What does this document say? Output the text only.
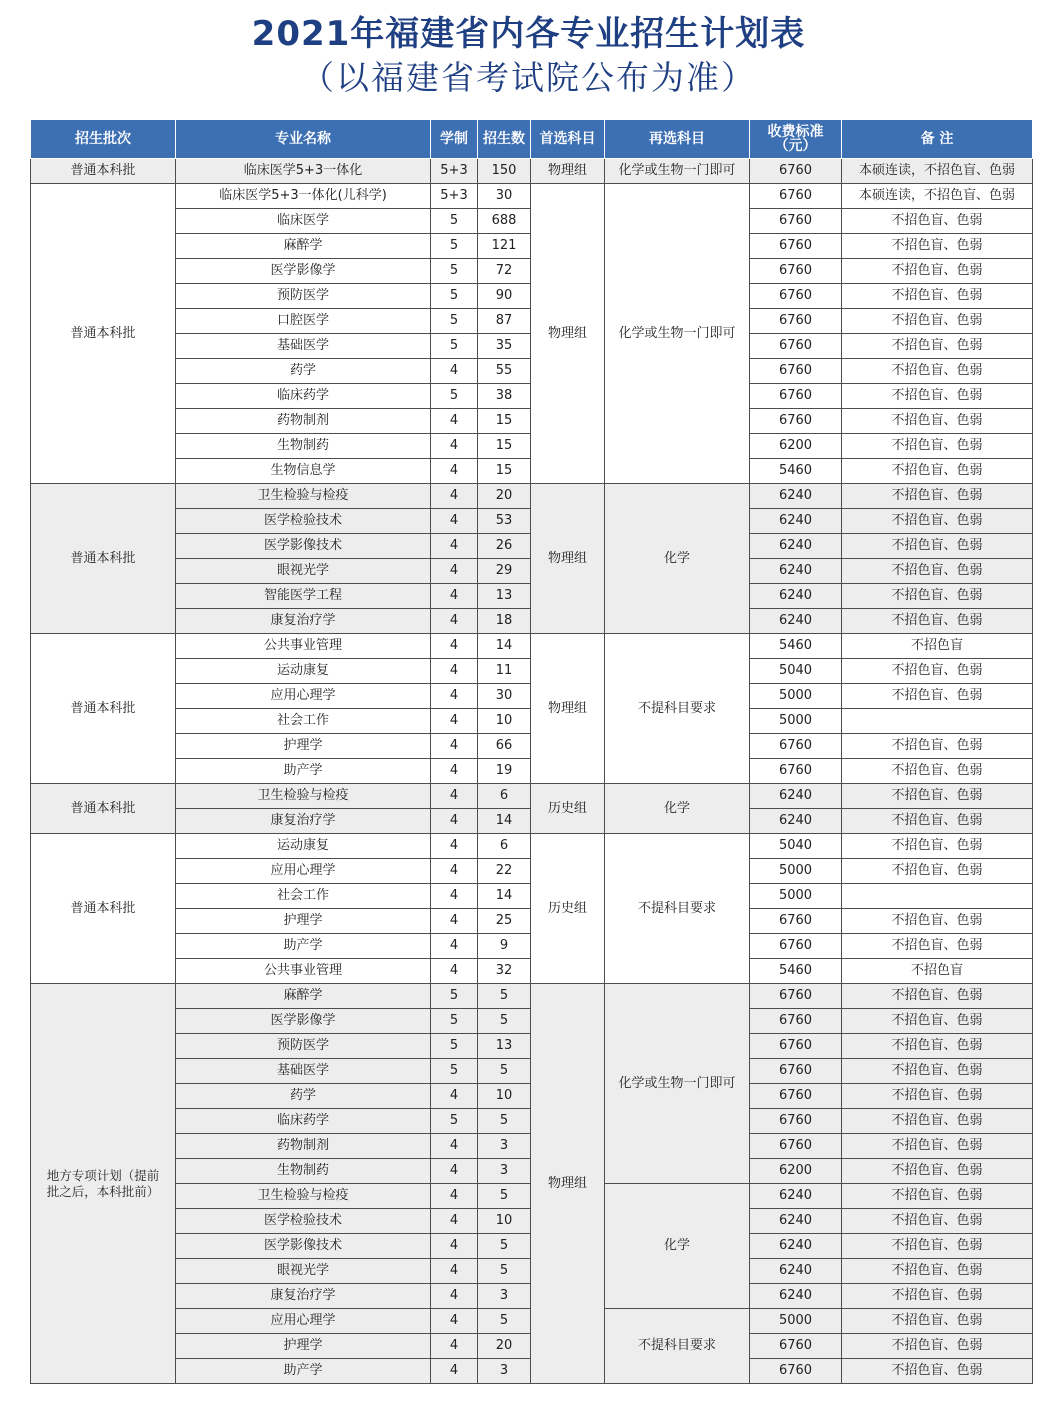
2021年福建省内各专业招生计划表
（以福建省考试院公布为准）
招生批次	专业名称	学制	招生数	首选科目	再选科目	收费标准（元）	备 注
普通本科批	临床医学5+3一体化	5+3	150	物理组	化学或生物一门即可	6760	本硕连读，不招色盲、色弱
普通本科批	临床医学5+3一体化(儿科学)	5+3	30	物理组	化学或生物一门即可	6760	本硕连读，不招色盲、色弱
	临床医学	5	688			6760	不招色盲、色弱
	麻醉学	5	121			6760	不招色盲、色弱
	医学影像学	5	72			6760	不招色盲、色弱
	预防医学	5	90			6760	不招色盲、色弱
	口腔医学	5	87			6760	不招色盲、色弱
	基础医学	5	35			6760	不招色盲、色弱
	药学	4	55			6760	不招色盲、色弱
	临床药学	5	38			6760	不招色盲、色弱
	药物制剂	4	15			6760	不招色盲、色弱
	生物制药	4	15			6200	不招色盲、色弱
	生物信息学	4	15			5460	不招色盲、色弱
普通本科批	卫生检验与检疫	4	20	物理组	化学	6240	不招色盲、色弱
	医学检验技术	4	53			6240	不招色盲、色弱
	医学影像技术	4	26			6240	不招色盲、色弱
	眼视光学	4	29			6240	不招色盲、色弱
	智能医学工程	4	13			6240	不招色盲、色弱
	康复治疗学	4	18			6240	不招色盲、色弱
普通本科批	公共事业管理	4	14	物理组	不提科目要求	5460	不招色盲
	运动康复	4	11			5040	不招色盲、色弱
	应用心理学	4	30			5000	不招色盲、色弱
	社会工作	4	10			5000	
	护理学	4	66			6760	不招色盲、色弱
	助产学	4	19			6760	不招色盲、色弱
普通本科批	卫生检验与检疫	4	6	历史组	化学	6240	不招色盲、色弱
	康复治疗学	4	14			6240	不招色盲、色弱
普通本科批	运动康复	4	6	历史组	不提科目要求	5040	不招色盲、色弱
	应用心理学	4	22			5000	不招色盲、色弱
	社会工作	4	14			5000	
	护理学	4	25			6760	不招色盲、色弱
	助产学	4	9			6760	不招色盲、色弱
	公共事业管理	4	32			5460	不招色盲
地方专项计划（提前批之后，本科批前）	麻醉学	5	5	物理组	化学或生物一门即可	6760	不招色盲、色弱
	医学影像学	5	5			6760	不招色盲、色弱
	预防医学	5	13			6760	不招色盲、色弱
	基础医学	5	5			6760	不招色盲、色弱
	药学	4	10			6760	不招色盲、色弱
	临床药学	5	5			6760	不招色盲、色弱
	药物制剂	4	3			6760	不招色盲、色弱
	生物制药	4	3			6200	不招色盲、色弱
	卫生检验与检疫	4	5		化学	6240	不招色盲、色弱
	医学检验技术	4	10			6240	不招色盲、色弱
	医学影像技术	4	5			6240	不招色盲、色弱
	眼视光学	4	5			6240	不招色盲、色弱
	康复治疗学	4	3			6240	不招色盲、色弱
	应用心理学	4	5		不提科目要求	5000	不招色盲、色弱
	护理学	4	20			6760	不招色盲、色弱
	助产学	4	3			6760	不招色盲、色弱
